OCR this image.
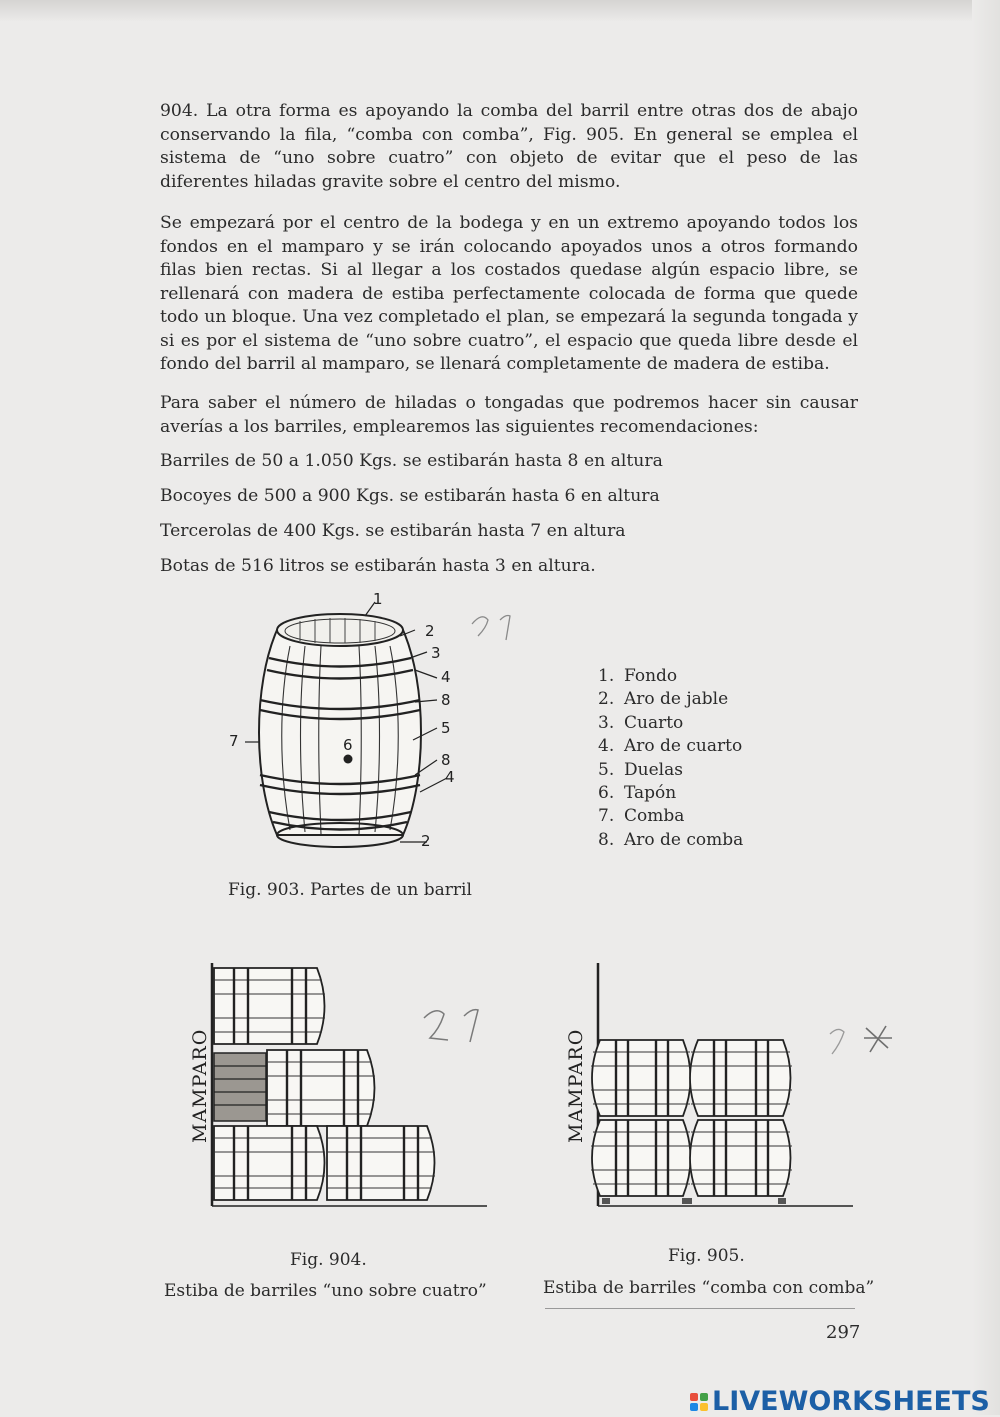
904. La otra forma es apoyando la comba del barril entre otras dos de abajo conservando la fila, “comba con comba”, Fig. 905. En general se emplea el sistema de “uno sobre cuatro” con objeto de evitar que el peso de las diferentes hiladas gravite sobre el centro del mismo.

Se empezará por el centro de la bodega y en un extremo apoyando todos los fondos en el mamparo y se irán colocando apoyados unos a otros formando filas bien rectas. Si al llegar a los costados quedase algún espacio libre, se rellenará con madera de estiba perfectamente colocada de forma que quede todo un bloque. Una vez completado el plan, se empezará la segunda tongada y si es por el sistema de “uno sobre cuatro”, el espacio que queda libre desde el fondo del barril al mamparo, se llenará completamente de madera de estiba.

Para saber el número de hiladas o tongadas que podremos hacer sin causar averías a los barriles, emplearemos las siguientes recomendaciones:

Barriles de 50 a 1.050 Kgs. se estibarán hasta 8 en altura

Bocoyes de 500 a 900 Kgs. se estibarán hasta 6 en altura

Tercerolas de 400 Kgs. se estibarán hasta 7 en altura

Botas de 516 litros se estibarán hasta 3 en altura.

1
2
3
4
8
5
6
8
4
2
7
1. Fondo
2. Aro de jable
3. Cuarto
4. Aro de cuarto
5. Duelas
6. Tapón
7. Comba
8. Aro de comba
Fig. 903. Partes de un barril
MAMPARO	MAMPARO
Fig. 904.
Estiba de barriles “uno sobre cuatro”
Fig. 905.
Estiba de barriles “comba con comba”
2 1
2 1
2 x
297
LIVEWORKSHEETS
